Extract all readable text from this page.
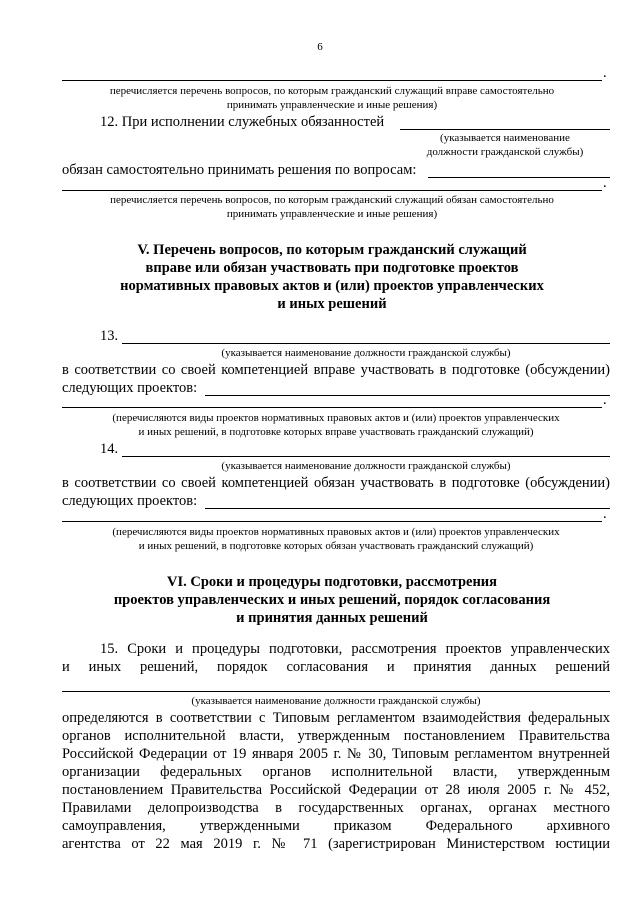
6
.
перечисляется перечень вопросов, по которым гражданский служащий вправе самостоятельно
принимать управленческие и иные решения)
12. При исполнении служебных обязанностей
(указывается наименование
должности гражданской службы)
обязан самостоятельно принимать решения по вопросам:
.
перечисляется перечень вопросов, по которым гражданский служащий обязан самостоятельно
принимать управленческие и иные решения)
V. Перечень вопросов, по которым гражданский служащий
вправе или обязан участвовать при подготовке проектов
нормативных правовых актов и (или) проектов управленческих
и иных решений
13.
(указывается наименование должности гражданской службы)
в соответствии со своей компетенцией вправе участвовать в подготовке (обсуждении)
следующих проектов:
.
(перечисляются виды проектов нормативных правовых актов и (или) проектов управленческих
и иных решений, в подготовке которых вправе участвовать гражданский служащий)
14.
(указывается наименование должности гражданской службы)
в соответствии со своей компетенцией обязан участвовать в подготовке (обсуждении)
следующих проектов:
.
(перечисляются виды проектов нормативных правовых актов и (или) проектов управленческих
и иных решений, в подготовке которых обязан участвовать гражданский служащий)
VI. Сроки и процедуры подготовки, рассмотрения
проектов управленческих и иных решений, порядок согласования
и принятия данных решений
15. Сроки и процедуры подготовки, рассмотрения проектов управленческих
и иных решений, порядок согласования и принятия данных решений
(указывается наименование должности гражданской службы)
определяются в соответствии с Типовым регламентом взаимодействия федеральных
органов исполнительной власти, утвержденным постановлением Правительства
Российской Федерации от 19 января 2005 г. № 30, Типовым регламентом внутренней
организации федеральных органов исполнительной власти, утвержденным
постановлением Правительства Российской Федерации от 28 июля 2005 г. № 452,
Правилами делопроизводства в государственных органах, органах местного
самоуправления, утвержденными приказом Федерального архивного
агентства от 22 мая 2019 г. № 71 (зарегистрирован Министерством юстиции
